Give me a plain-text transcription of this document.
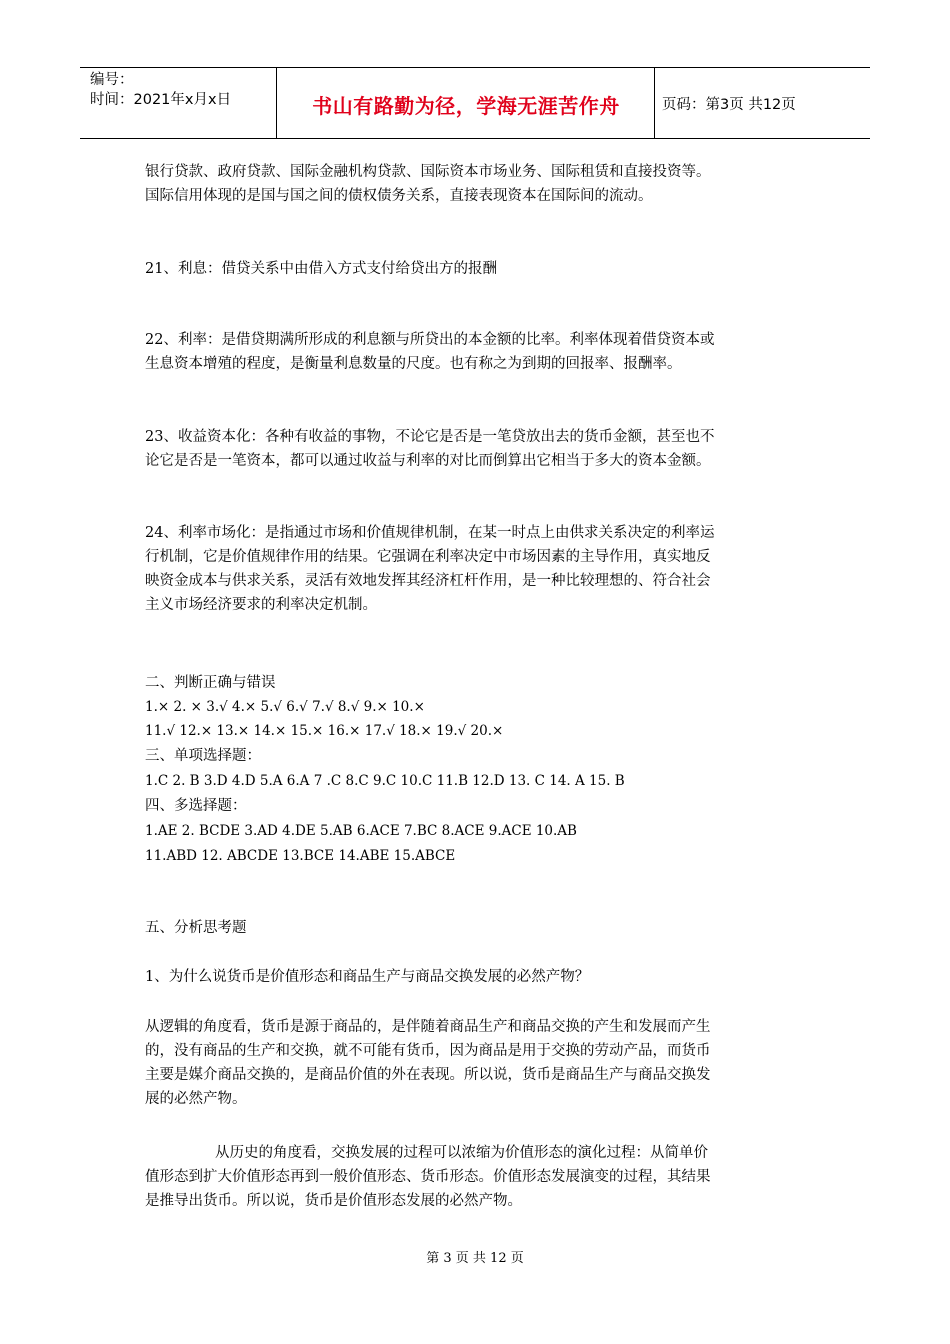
编号：
时间：2021年x月x日	书山有路勤为径，学海无涯苦作舟	页码：第3页 共12页

银行贷款、政府贷款、国际金融机构贷款、国际资本市场业务、国际租赁和直接投资等。

国际信用体现的是国与国之间的债权债务关系，直接表现资本在国际间的流动。

21、利息：借贷关系中由借入方式支付给贷出方的报酬

22、利率：是借贷期满所形成的利息额与所贷出的本金额的比率。利率体现着借贷资本或

生息资本增殖的程度，是衡量利息数量的尺度。也有称之为到期的回报率、报酬率。

23、收益资本化：各种有收益的事物，不论它是否是一笔贷放出去的货币金额，甚至也不

论它是否是一笔资本，都可以通过收益与利率的对比而倒算出它相当于多大的资本金额。

24、利率市场化：是指通过市场和价值规律机制，在某一时点上由供求关系决定的利率运

行机制，它是价值规律作用的结果。它强调在利率决定中市场因素的主导作用，真实地反

映资金成本与供求关系，灵活有效地发挥其经济杠杆作用，是一种比较理想的、符合社会

主义市场经济要求的利率决定机制。

二、判断正确与错误

1.× 2. × 3.√ 4.× 5.√ 6.√ 7.√ 8.√ 9.× 10.×

11.√ 12.× 13.× 14.× 15.× 16.× 17.√ 18.× 19.√ 20.×

三、单项选择题：

1.C 2. B 3.D 4.D 5.A 6.A 7 .C 8.C 9.C 10.C 11.B 12.D 13. C 14. A 15. B

四、多选择题：

1.AE 2. BCDE 3.AD 4.DE 5.AB 6.ACE 7.BC 8.ACE 9.ACE 10.AB

11.ABD 12. ABCDE 13.BCE 14.ABE 15.ABCE

五、分析思考题

1、为什么说货币是价值形态和商品生产与商品交换发展的必然产物？

从逻辑的角度看，货币是源于商品的，是伴随着商品生产和商品交换的产生和发展而产生

的，没有商品的生产和交换，就不可能有货币，因为商品是用于交换的劳动产品，而货币

主要是媒介商品交换的，是商品价值的外在表现。所以说，货币是商品生产与商品交换发

展的必然产物。

从历史的角度看，交换发展的过程可以浓缩为价值形态的演化过程：从简单价

值形态到扩大价值形态再到一般价值形态、货币形态。价值形态发展演变的过程，其结果

是推导出货币。所以说，货币是价值形态发展的必然产物。

第 3 页 共 12 页
